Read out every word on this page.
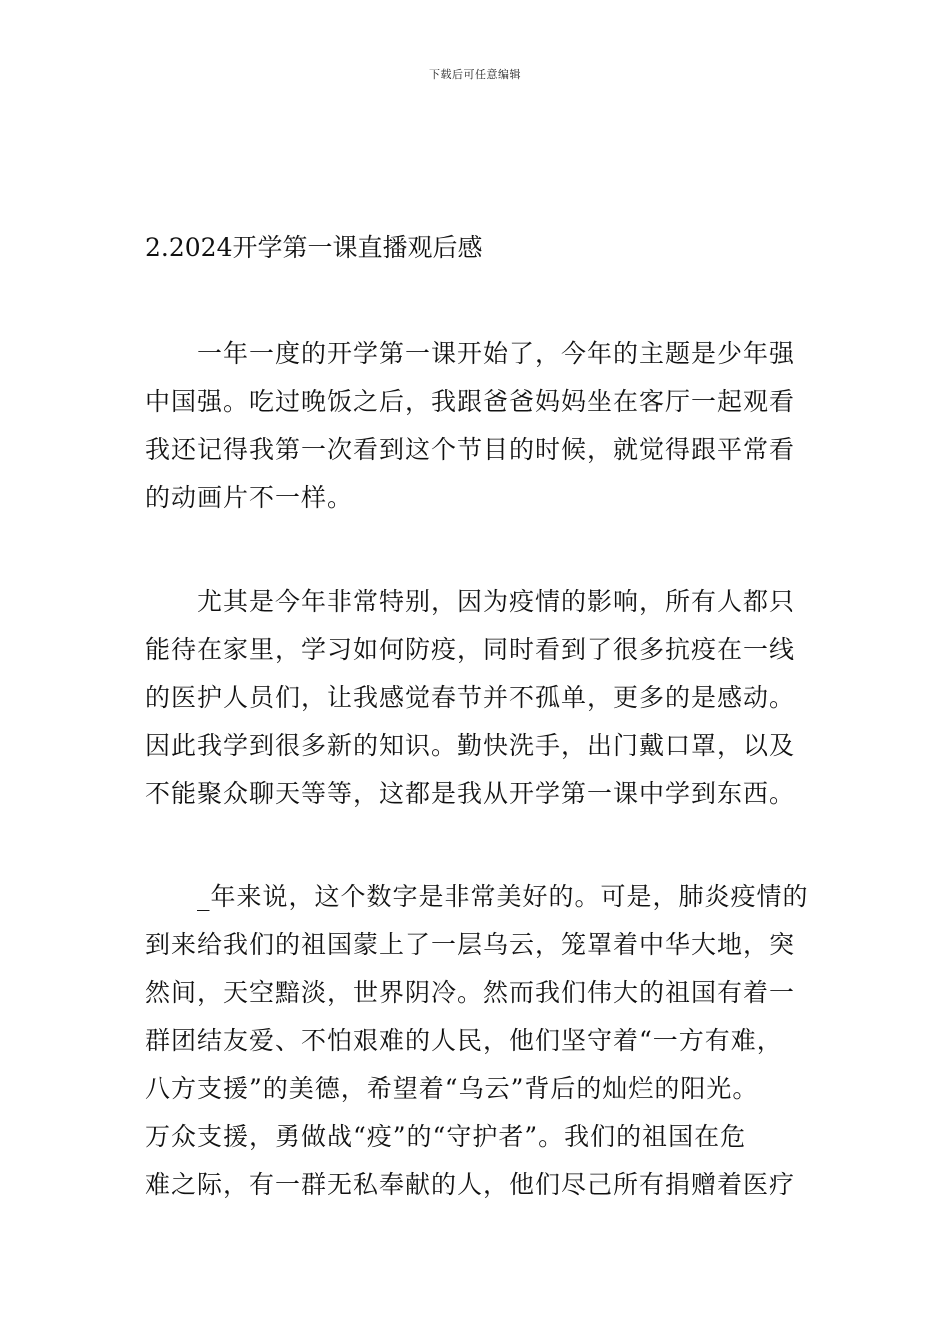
下载后可任意编辑
2.2024开学第一课直播观后感
　　一年一度的开学第一课开始了，今年的主题是少年强
中国强。吃过晚饭之后，我跟爸爸妈妈坐在客厅一起观看
我还记得我第一次看到这个节目的时候，就觉得跟平常看
的动画片不一样。
　　尤其是今年非常特别，因为疫情的影响，所有人都只
能待在家里，学习如何防疫，同时看到了很多抗疫在一线
的医护人员们，让我感觉春节并不孤单，更多的是感动。
因此我学到很多新的知识。勤快洗手，出门戴口罩，以及
不能聚众聊天等等，这都是我从开学第一课中学到东西。
　　_年来说，这个数字是非常美好的。可是，肺炎疫情的
到来给我们的祖国蒙上了一层乌云，笼罩着中华大地，突
然间，天空黯淡，世界阴冷。然而我们伟大的祖国有着一
群团结友爱、不怕艰难的人民，他们坚守着“一方有难，
八方支援”的美德，希望着“乌云”背后的灿烂的阳光。
万众支援，勇做战“疫”的“守护者”。我们的祖国在危
难之际，有一群无私奉献的人，他们尽己所有捐赠着医疗
